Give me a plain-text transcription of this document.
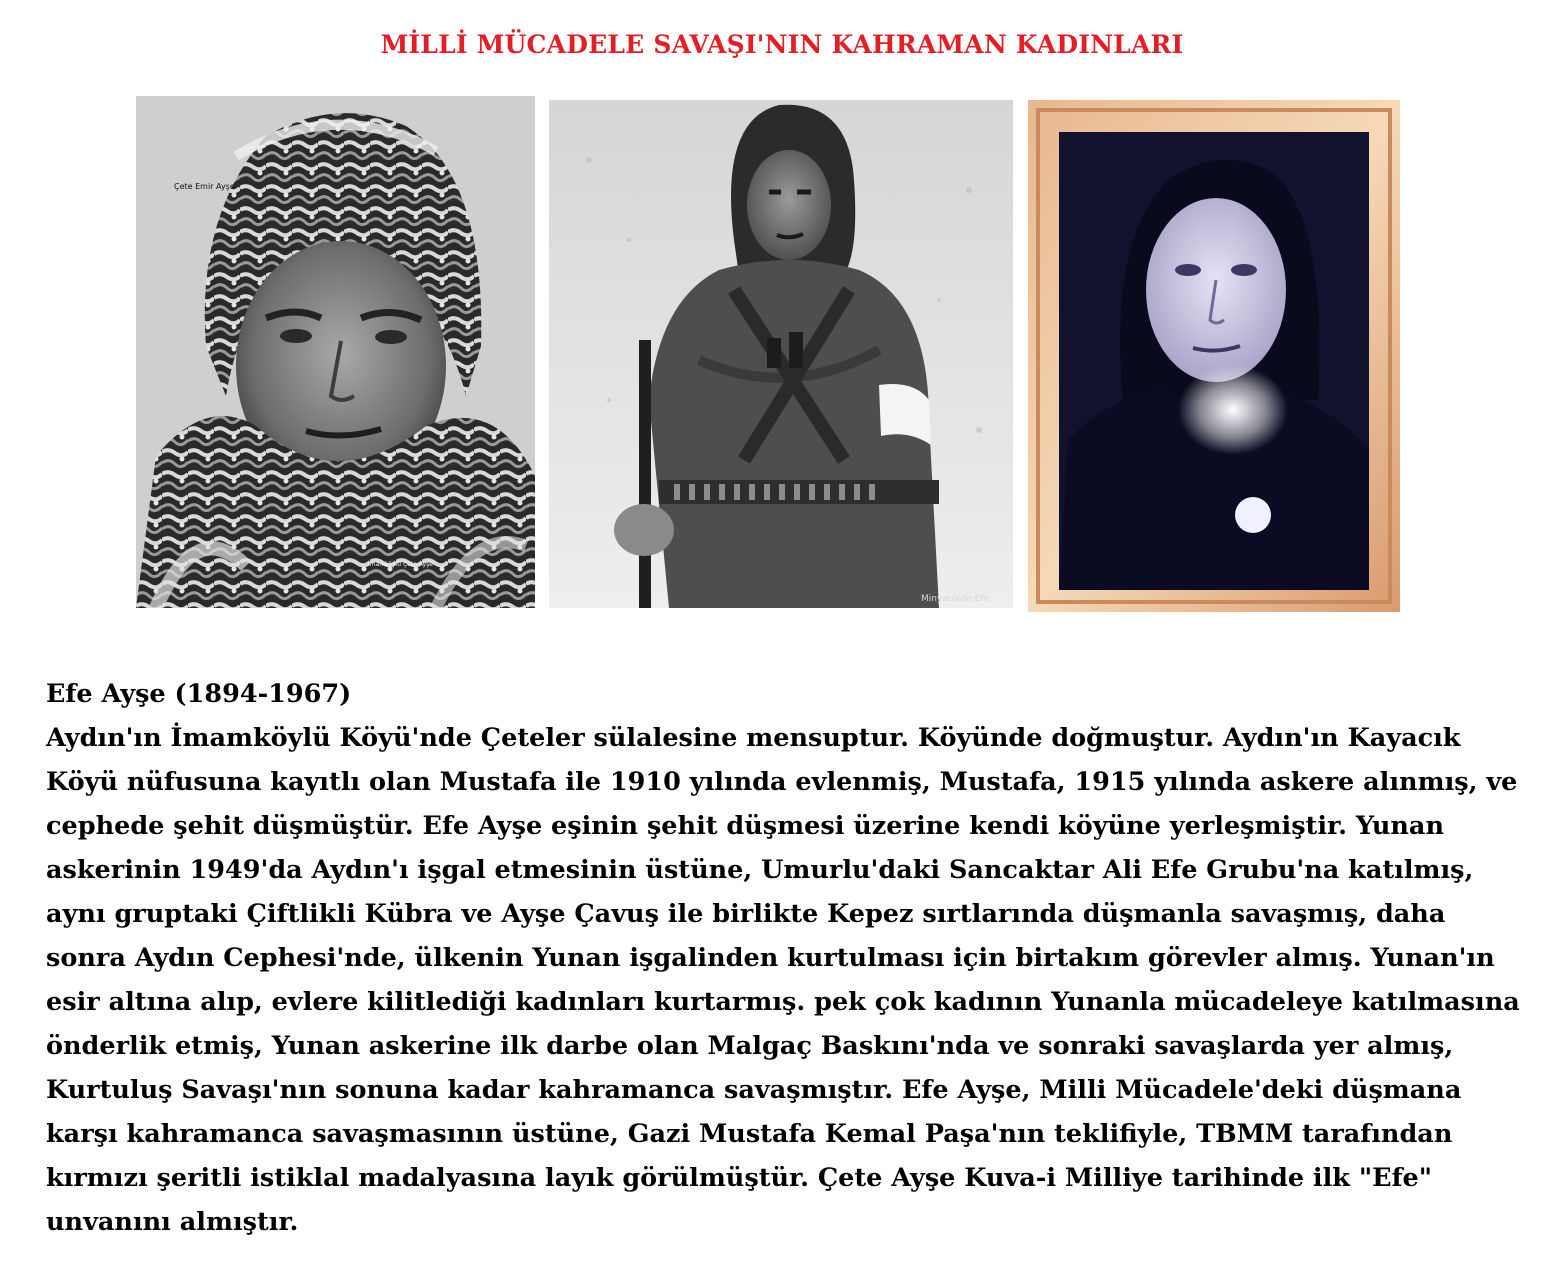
MİLLİ MÜCADELE SAVAŞI'NIN KAHRAMAN KADINLARI
Çete Emir Ayşe
İmamköylü Çete Ayşe
Minyatürde Efe
Efe Ayşe (1894-1967)
Aydın'ın İmamköylü Köyü'nde Çeteler sülalesine mensuptur. Köyünde doğmuştur. Aydın'ın Kayacık Köyü nüfusuna kayıtlı olan Mustafa ile 1910 yılında evlenmiş, Mustafa, 1915 yılında askere alınmış, ve cephede şehit düşmüştür. Efe Ayşe eşinin şehit düşmesi üzerine kendi köyüne yerleşmiştir. Yunan askerinin 1949'da Aydın'ı işgal etmesinin üstüne, Umurlu'daki Sancaktar Ali Efe Grubu'na katılmış, aynı gruptaki Çiftlikli Kübra ve Ayşe Çavuş ile birlikte Kepez sırtlarında düşmanla savaşmış, daha sonra Aydın Cephesi'nde, ülkenin Yunan işgalinden kurtulması için birtakım görevler almış. Yunan'ın esir altına alıp, evlere kilitlediği kadınları kurtarmış. pek çok kadının Yunanla mücadeleye katılmasına önderlik etmiş, Yunan askerine ilk darbe olan Malgaç Baskını'nda ve sonraki savaşlarda yer almış, Kurtuluş Savaşı'nın sonuna kadar kahramanca savaşmıştır. Efe Ayşe, Milli Mücadele'deki düşmana karşı kahramanca savaşmasının üstüne, Gazi Mustafa Kemal Paşa'nın teklifiyle, TBMM tarafından kırmızı şeritli istiklal madalyasına layık görülmüştür. Çete Ayşe Kuva-i Milliye tarihinde ilk "Efe" unvanını almıştır.
